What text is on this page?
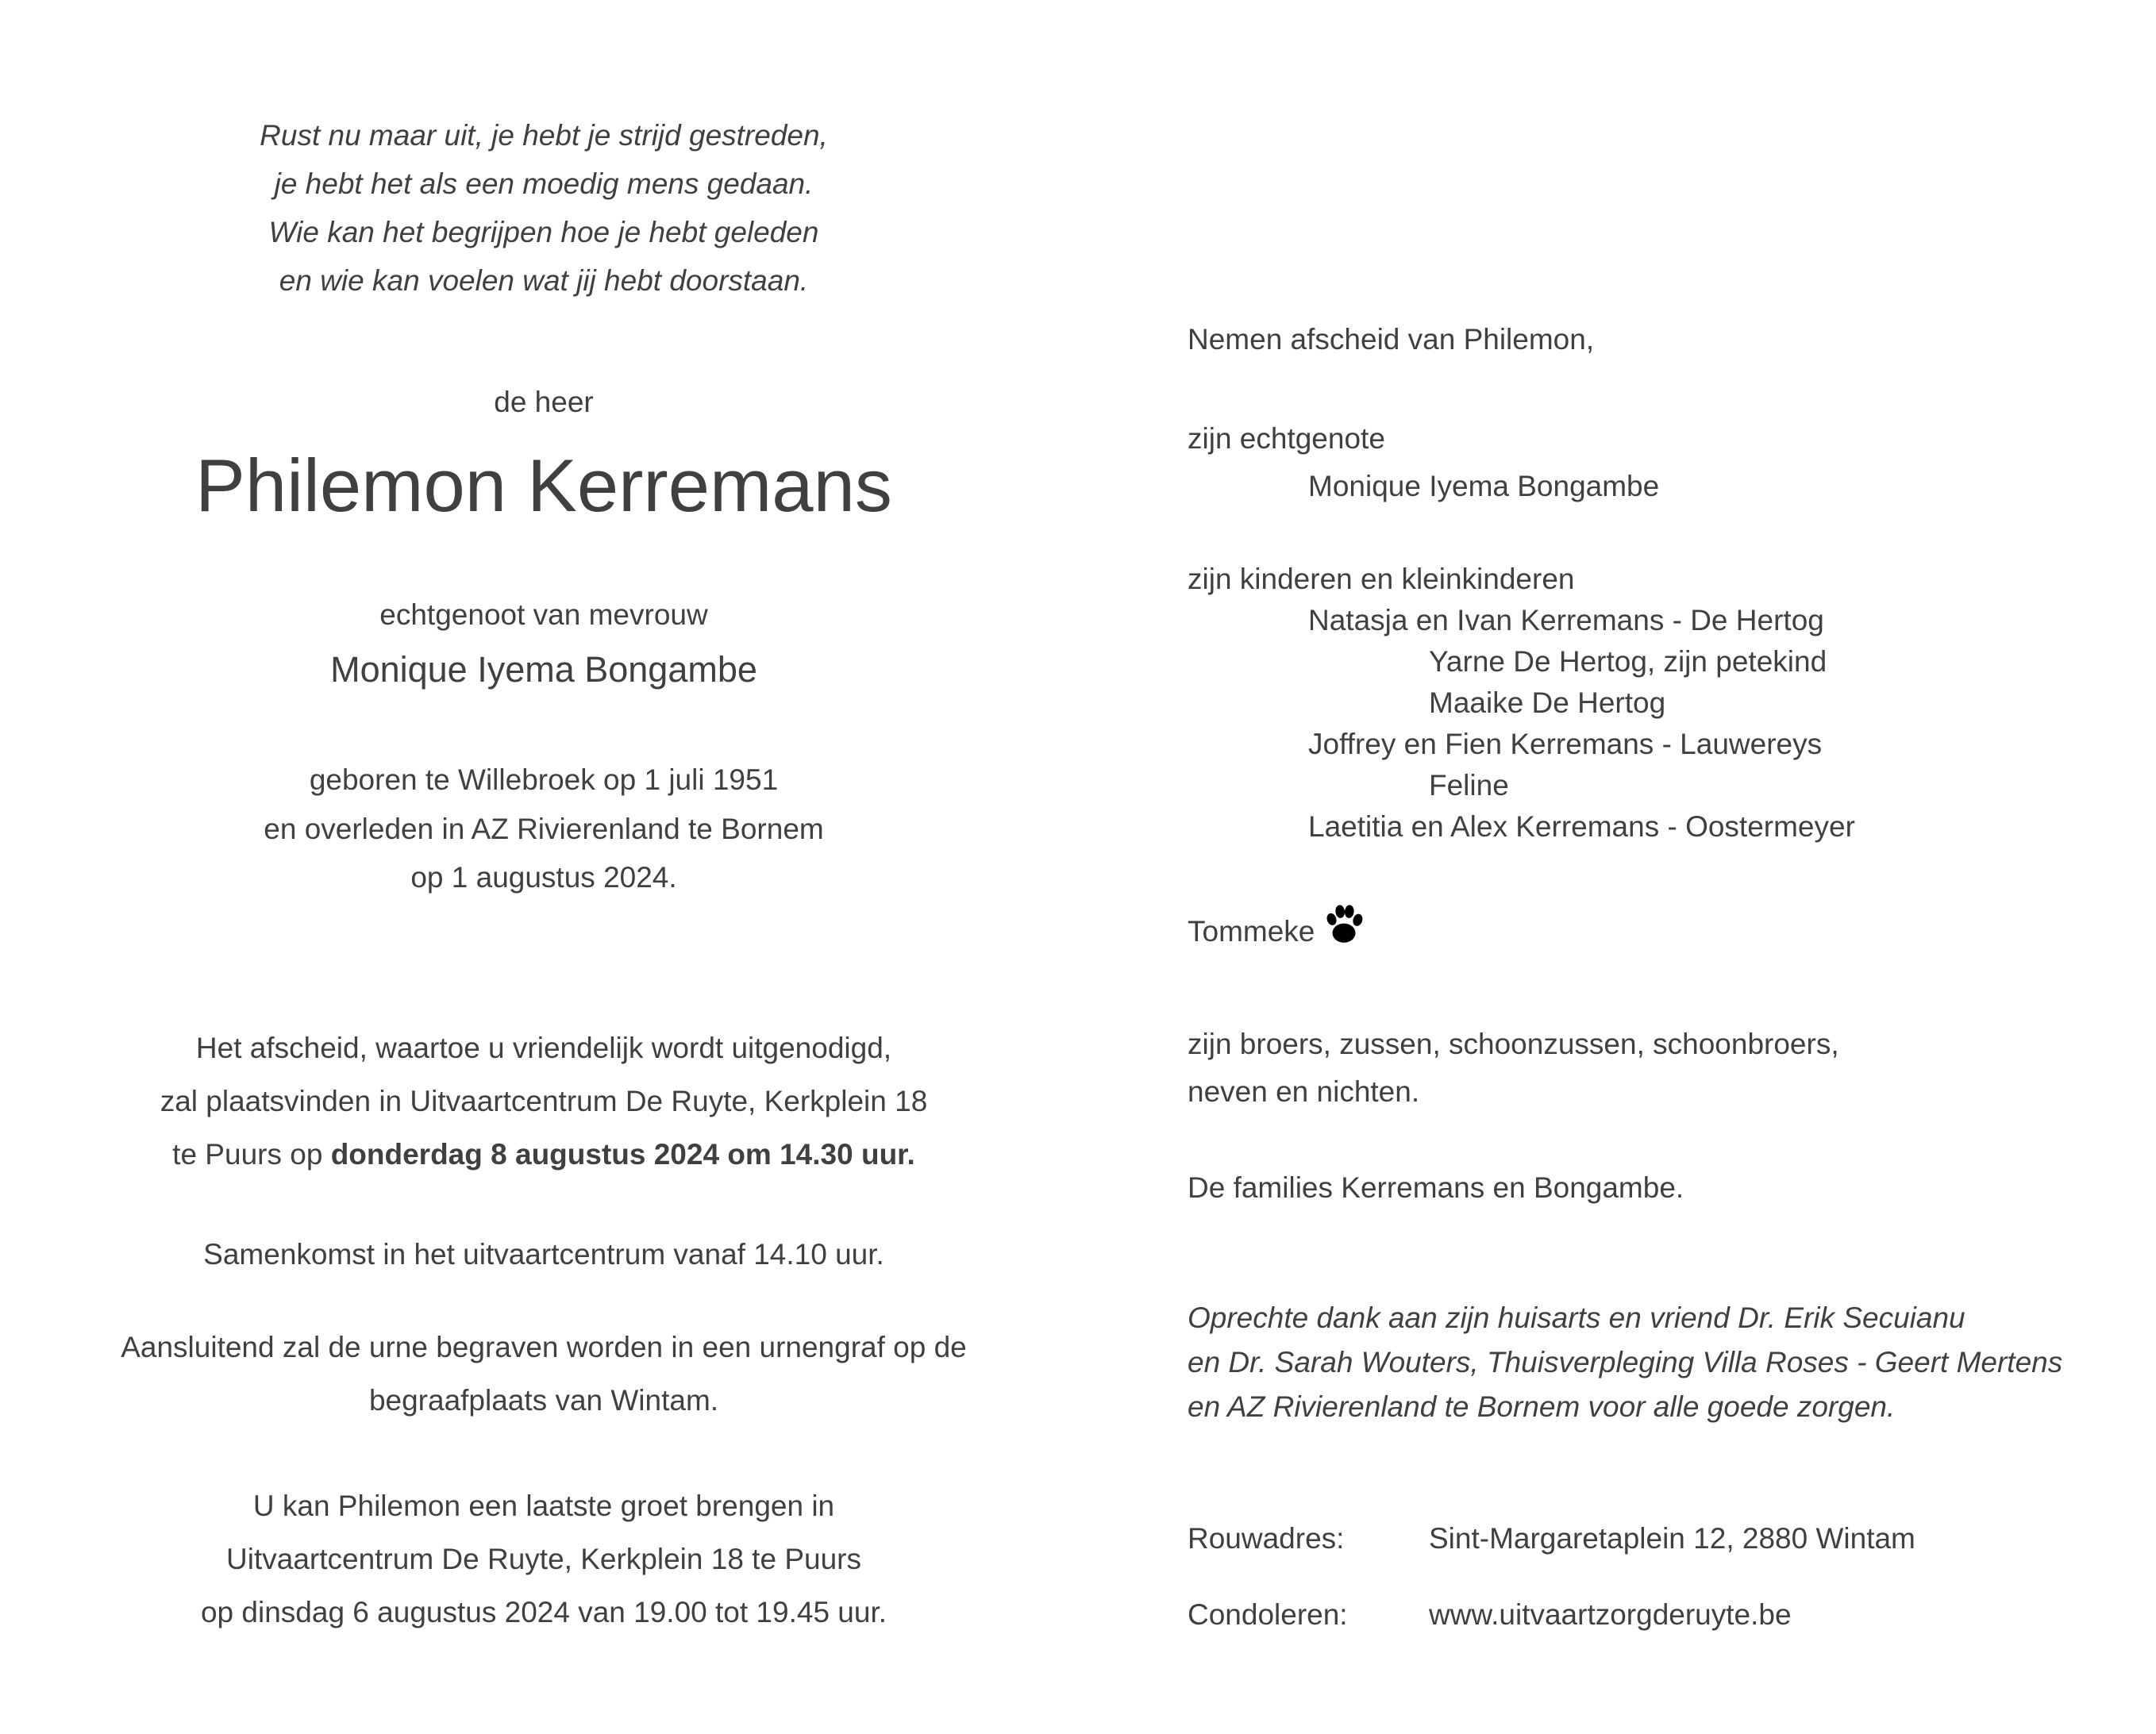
Rust nu maar uit, je hebt je strijd gestreden,
je hebt het als een moedig mens gedaan.
Wie kan het begrijpen hoe je hebt geleden
en wie kan voelen wat jij hebt doorstaan.
de heer
Philemon Kerremans
echtgenoot van mevrouw
Monique Iyema Bongambe
geboren te Willebroek op 1 juli 1951
en overleden in AZ Rivierenland te Bornem
op 1 augustus 2024.
Het afscheid, waartoe u vriendelijk wordt uitgenodigd,
zal plaatsvinden in Uitvaartcentrum De Ruyte, Kerkplein 18
te Puurs op donderdag 8 augustus 2024 om 14.30 uur.
Samenkomst in het uitvaartcentrum vanaf 14.10 uur.
Aansluitend zal de urne begraven worden in een urnengraf op de
begraafplaats van Wintam.
U kan Philemon een laatste groet brengen in
Uitvaartcentrum De Ruyte, Kerkplein 18 te Puurs
op dinsdag 6 augustus 2024 van 19.00 tot 19.45 uur.
Nemen afscheid van Philemon,
zijn echtgenote
Monique Iyema Bongambe
zijn kinderen en kleinkinderen
Natasja en Ivan Kerremans - De Hertog
Yarne De Hertog, zijn petekind
Maaike De Hertog
Joffrey en Fien Kerremans - Lauwereys
Feline
Laetitia en Alex Kerremans - Oostermeyer
Tommeke
zijn broers, zussen, schoonzussen, schoonbroers,
neven en nichten.
De families Kerremans en Bongambe.
Oprechte dank aan zijn huisarts en vriend Dr. Erik Secuianu
en Dr. Sarah Wouters, Thuisverpleging Villa Roses - Geert Mertens
en AZ Rivierenland te Bornem voor alle goede zorgen.
Rouwadres:	Sint-Margaretaplein 12, 2880 Wintam
Condoleren:	www.uitvaartzorgderuyte.be
